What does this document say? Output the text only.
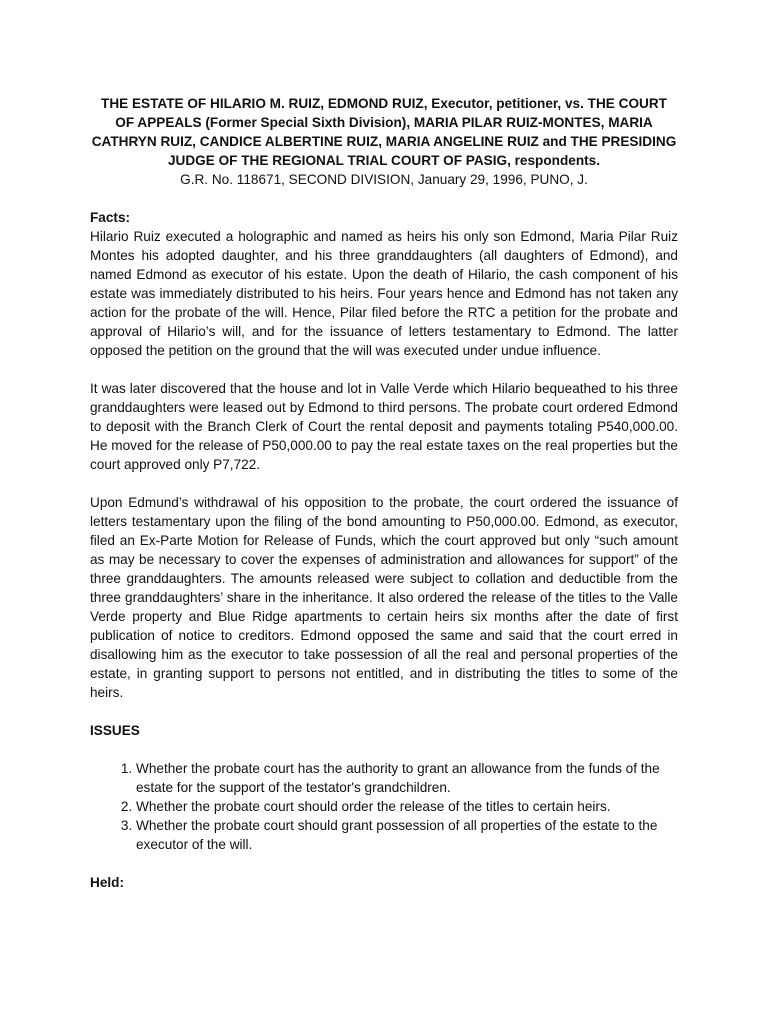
THE ESTATE OF HILARIO M. RUIZ, EDMOND RUIZ, Executor, petitioner, vs. THE COURT OF APPEALS (Former Special Sixth Division), MARIA PILAR RUIZ-MONTES, MARIA CATHRYN RUIZ, CANDICE ALBERTINE RUIZ, MARIA ANGELINE RUIZ and THE PRESIDING JUDGE OF THE REGIONAL TRIAL COURT OF PASIG, respondents.

G.R. No. 118671, SECOND DIVISION, January 29, 1996, PUNO, J.

Facts:

Hilario Ruiz executed a holographic and named as heirs his only son Edmond, Maria Pilar Ruiz Montes his adopted daughter, and his three granddaughters (all daughters of Edmond), and named Edmond as executor of his estate. Upon the death of Hilario, the cash component of his estate was immediately distributed to his heirs. Four years hence and Edmond has not taken any action for the probate of the will. Hence, Pilar filed before the RTC a petition for the probate and approval of Hilario’s will, and for the issuance of letters testamentary to Edmond. The latter opposed the petition on the ground that the will was executed under undue influence.

It was later discovered that the house and lot in Valle Verde which Hilario bequeathed to his three granddaughters were leased out by Edmond to third persons. The probate court ordered Edmond to deposit with the Branch Clerk of Court the rental deposit and payments totaling P540,000.00. He moved for the release of P50,000.00 to pay the real estate taxes on the real properties but the court approved only P7,722.

Upon Edmund’s withdrawal of his opposition to the probate, the court ordered the issuance of letters testamentary upon the filing of the bond amounting to P50,000.00. Edmond, as executor, filed an Ex-Parte Motion for Release of Funds, which the court approved but only “such amount as may be necessary to cover the expenses of administration and allowances for support” of the three granddaughters. The amounts released were subject to collation and deductible from the three granddaughters’ share in the inheritance. It also ordered the release of the titles to the Valle Verde property and Blue Ridge apartments to certain heirs six months after the date of first publication of notice to creditors. Edmond opposed the same and said that the court erred in disallowing him as the executor to take possession of all the real and personal properties of the estate, in granting support to persons not entitled, and in distributing the titles to some of the heirs.

ISSUES

1. Whether the probate court has the authority to grant an allowance from the funds of the estate for the support of the testator's grandchildren.
2. Whether the probate court should order the release of the titles to certain heirs.
3. Whether the probate court should grant possession of all properties of the estate to the executor of the will.

Held:
